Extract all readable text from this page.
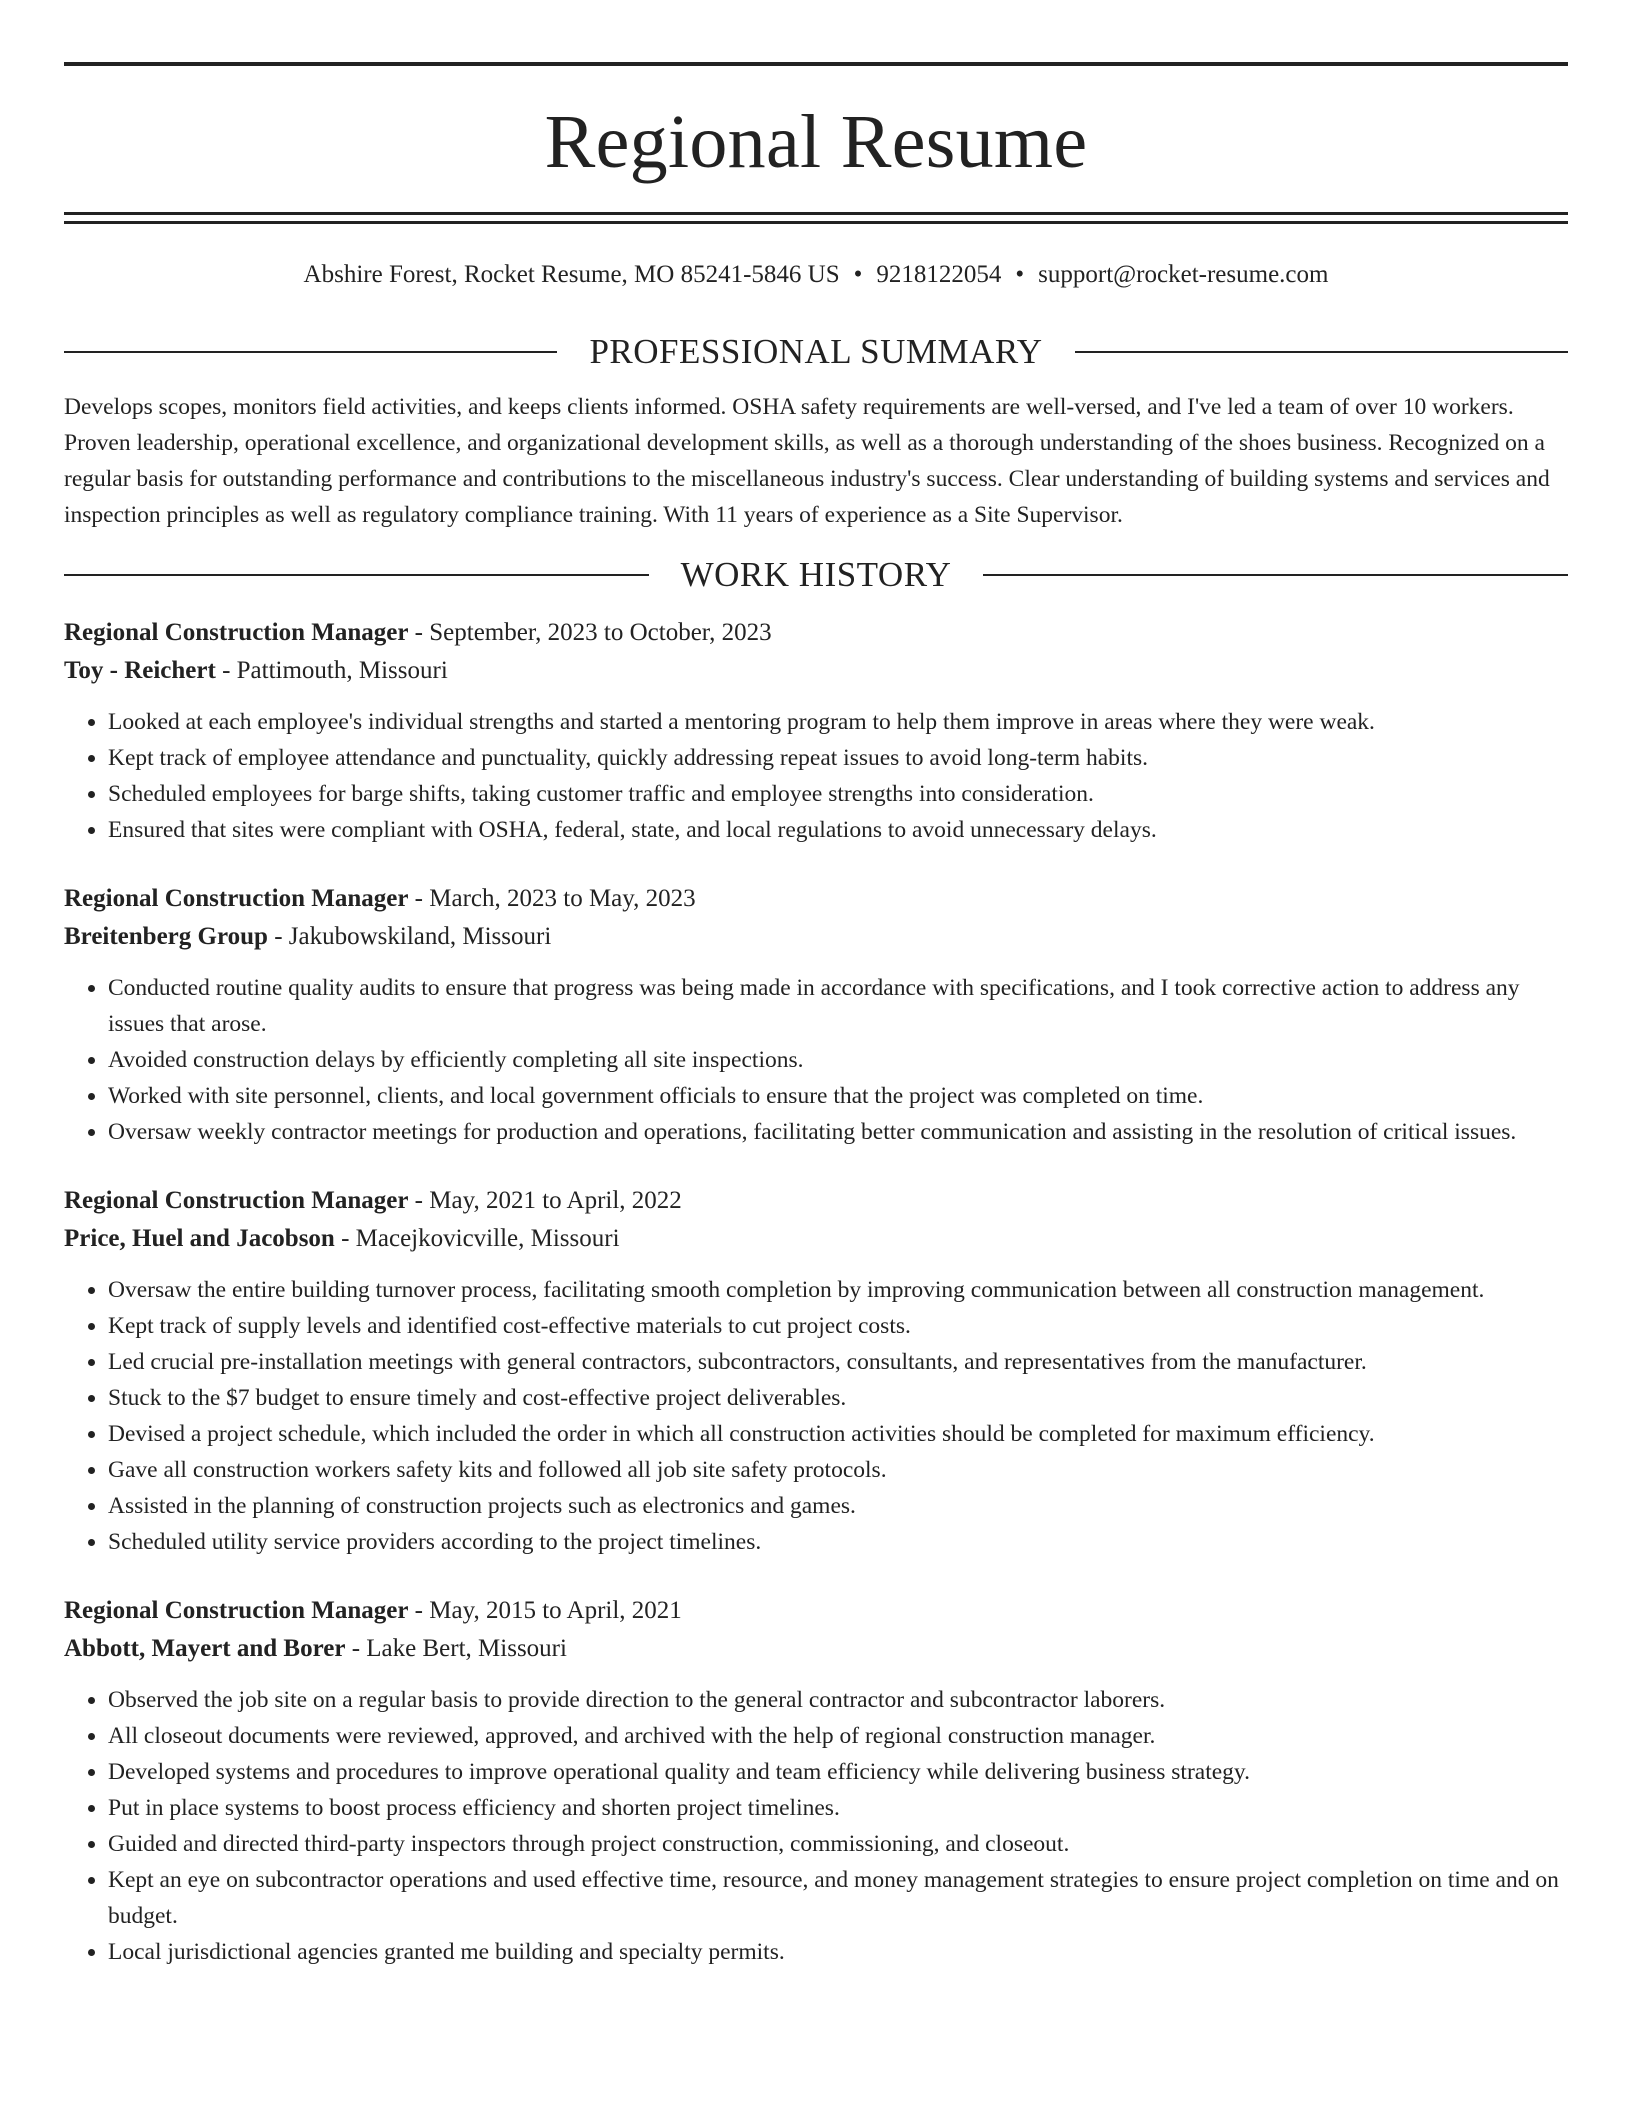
Regional Resume
Abshire Forest, Rocket Resume, MO 85241-5846 US • 9218122054 • support@rocket-resume.com
PROFESSIONAL SUMMARY

Develops scopes, monitors field activities, and keeps clients informed. OSHA safety requirements are well-versed, and I've led a team of over 10 workers. Proven leadership, operational excellence, and organizational development skills, as well as a thorough understanding of the shoes business. Recognized on a regular basis for outstanding performance and contributions to the miscellaneous industry's success. Clear understanding of building systems and services and inspection principles as well as regulatory compliance training. With 11 years of experience as a Site Supervisor.

WORK HISTORY
Regional Construction Manager - September, 2023 to October, 2023
Toy - Reichert - Pattimouth, Missouri
• Looked at each employee's individual strengths and started a mentoring program to help them improve in areas where they were weak.
• Kept track of employee attendance and punctuality, quickly addressing repeat issues to avoid long-term habits.
• Scheduled employees for barge shifts, taking customer traffic and employee strengths into consideration.
• Ensured that sites were compliant with OSHA, federal, state, and local regulations to avoid unnecessary delays.
Regional Construction Manager - March, 2023 to May, 2023
Breitenberg Group - Jakubowskiland, Missouri
• Conducted routine quality audits to ensure that progress was being made in accordance with specifications, and I took corrective action to address any issues that arose.
• Avoided construction delays by efficiently completing all site inspections.
• Worked with site personnel, clients, and local government officials to ensure that the project was completed on time.
• Oversaw weekly contractor meetings for production and operations, facilitating better communication and assisting in the resolution of critical issues.
Regional Construction Manager - May, 2021 to April, 2022
Price, Huel and Jacobson - Macejkovicville, Missouri
• Oversaw the entire building turnover process, facilitating smooth completion by improving communication between all construction management.
• Kept track of supply levels and identified cost-effective materials to cut project costs.
• Led crucial pre-installation meetings with general contractors, subcontractors, consultants, and representatives from the manufacturer.
• Stuck to the $7 budget to ensure timely and cost-effective project deliverables.
• Devised a project schedule, which included the order in which all construction activities should be completed for maximum efficiency.
• Gave all construction workers safety kits and followed all job site safety protocols.
• Assisted in the planning of construction projects such as electronics and games.
• Scheduled utility service providers according to the project timelines.
Regional Construction Manager - May, 2015 to April, 2021
Abbott, Mayert and Borer - Lake Bert, Missouri
• Observed the job site on a regular basis to provide direction to the general contractor and subcontractor laborers.
• All closeout documents were reviewed, approved, and archived with the help of regional construction manager.
• Developed systems and procedures to improve operational quality and team efficiency while delivering business strategy.
• Put in place systems to boost process efficiency and shorten project timelines.
• Guided and directed third-party inspectors through project construction, commissioning, and closeout.
• Kept an eye on subcontractor operations and used effective time, resource, and money management strategies to ensure project completion on time and on budget.
• Local jurisdictional agencies granted me building and specialty permits.
